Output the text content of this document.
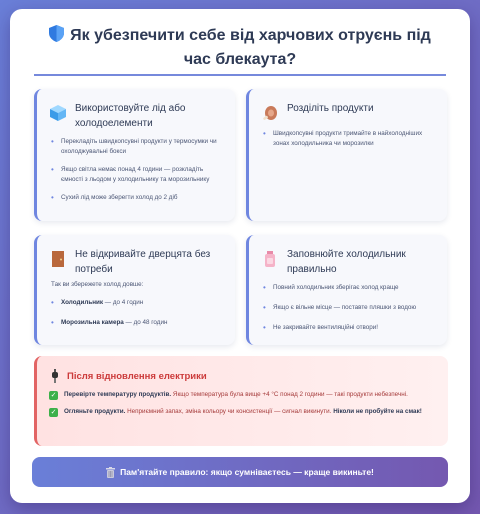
Як убезпечити себе від харчових отруєнь під час блекаута?
Використовуйте лід або холодоелементи
• Перекладіть швидкопсувні продукти у термосумки чи охолоджувальні бокси
• Якщо світла немає понад 4 години — розкладіть ємності з льодом у холодильнику та морозильнику
• Сухий лід може зберегти холод до 2 діб
Розділіть продукти
• Швидкопсувні продукти тримайте в найхолодніших зонах холодильника чи морозилки
Не відкривайте дверцята без потреби
Так ви збережете холод довше:
• Холодильник — до 4 годин
• Морозильна камера — до 48 годин
Заповнюйте холодильник правильно
• Повний холодильник зберігає холод краще
• Якщо є вільне місце — поставте пляшки з водою
• Не закривайте вентиляційні отвори!
Після відновлення електрики
✓ Перевірте температуру продуктів. Якщо температура була вище +4 °C понад 2 години — такі продукти небезпечні.
✓ Огляньте продукти. Неприємний запах, зміна кольору чи консистенції — сигнал викинути. Ніколи не пробуйте на смак!
Пам'ятайте правило: якщо сумніваєтесь — краще викиньте!
